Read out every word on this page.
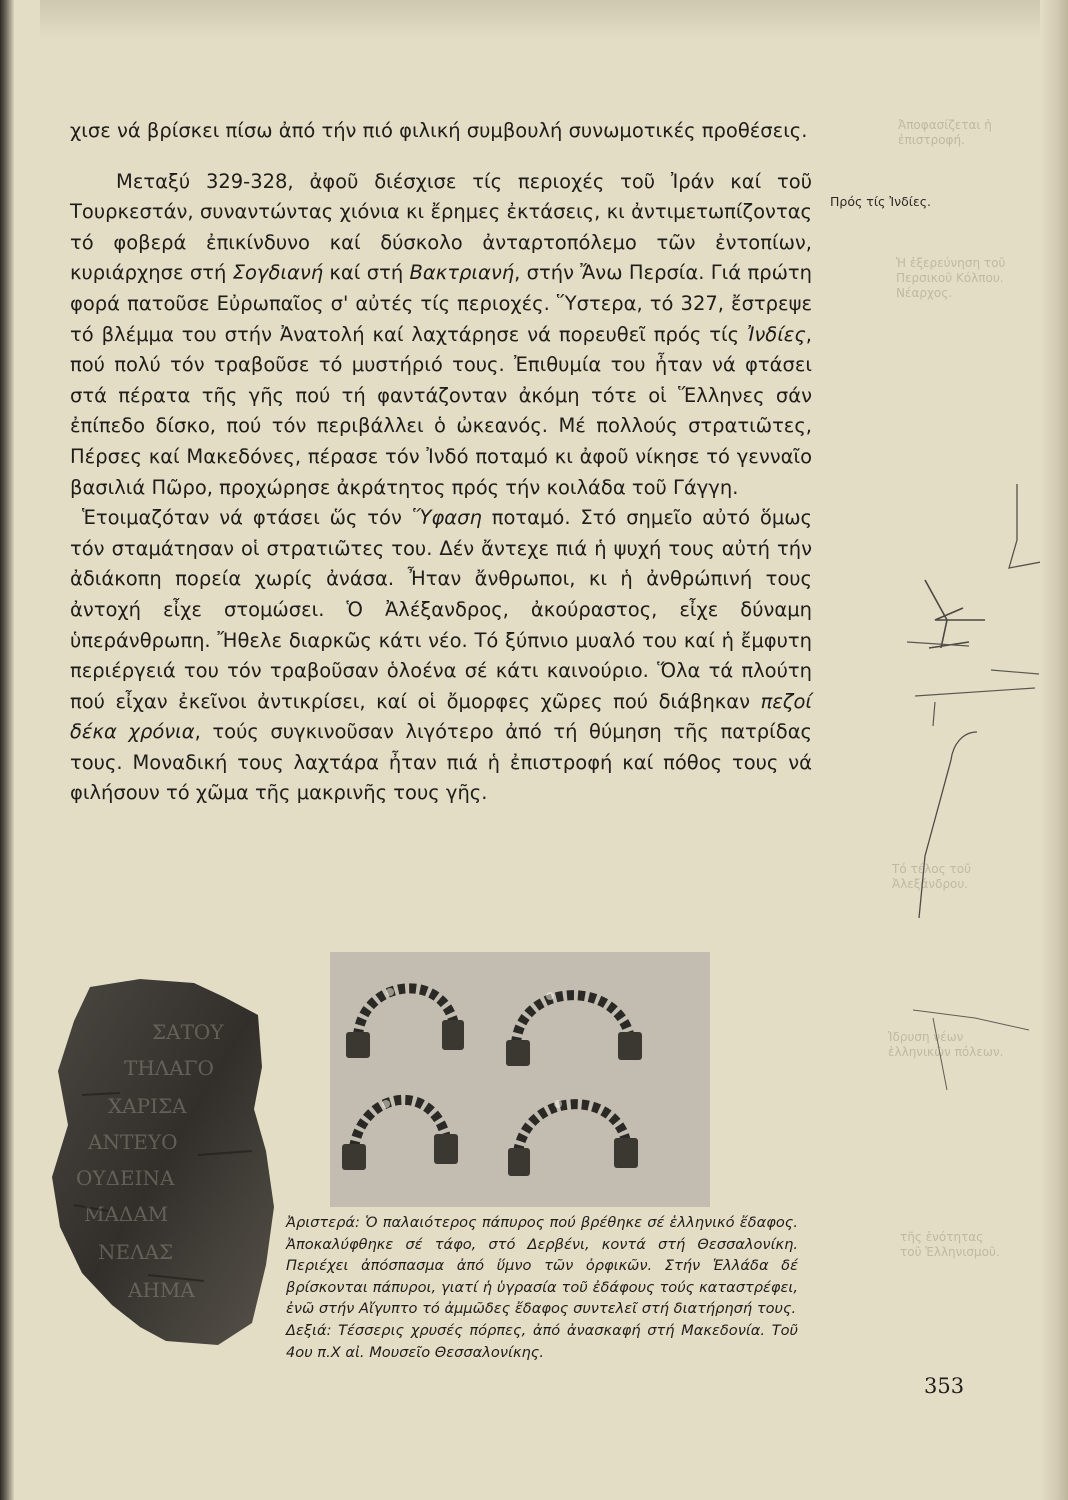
Ἀποφασίζεται ἡ
ἐπιστροφή.
Ἡ ἐξερεύνηση τοῦ
Περσικοῦ Κόλπου.
Νέαρχος.
Τό τέλος τοῦ
Ἀλεξάνδρου.
Ἱδρυση νέων
ἑλληνικῶν πόλεων.
τῆς ἑνότητας
τοῦ Ἑλληνισμοῦ.

χισε νά βρίσκει πίσω ἀπό τήν πιό φιλική συμβουλή συνωμοτικές προθέσεις.

Μεταξύ 329-328, ἀφοῦ διέσχισε τίς περιοχές τοῦ Ἰράν καί τοῦ Τουρκεστάν, συναντώντας χιόνια κι ἔρημες ἐκτάσεις, κι ἀντιμετωπίζοντας τό φοβερά ἐπικίνδυνο καί δύσκολο ἀνταρτοπόλεμο τῶν ἐντοπίων, κυριάρχησε στή Σογδιανή καί στή Βακτριανή, στήν Ἄνω Περσία. Γιά πρώτη φορά πατοῦσε Εὐρωπαῖος σ' αὐτές τίς περιοχές. Ὕστερα, τό 327, ἔστρεψε τό βλέμμα του στήν Ἀνατολή καί λαχτάρησε νά πορευθεῖ πρός τίς Ἰνδίες, πού πολύ τόν τραβοῦσε τό μυστήριό τους. Ἐπιθυμία του ἦταν νά φτάσει στά πέρατα τῆς γῆς πού τή φαντάζονταν ἀκόμη τότε οἱ Ἕλληνες σάν ἐπίπεδο δίσκο, πού τόν περιβάλλει ὁ ὠκεανός. Μέ πολλούς στρατιῶτες, Πέρσες καί Μακεδόνες, πέρασε τόν Ἰνδό ποταμό κι ἀφοῦ νίκησε τό γενναῖο βασιλιά Πῶρο, προχώρησε ἀκράτητος πρός τήν κοιλάδα τοῦ Γάγγη.

Ἑτοιμαζόταν νά φτάσει ὥς τόν Ὕφαση ποταμό. Στό σημεῖο αὐτό ὅμως τόν σταμάτησαν οἱ στρατιῶτες του. Δέν ἄντεχε πιά ἡ ψυχή τους αὐτή τήν ἀδιάκοπη πορεία χωρίς ἀνάσα. Ἦταν ἄνθρωποι, κι ἡ ἀνθρώπινή τους ἀντοχή εἶχε στομώσει. Ὁ Ἀλέξανδρος, ἀκούραστος, εἶχε δύναμη ὑπεράνθρωπη. Ἤθελε διαρκῶς κάτι νέο. Τό ξύπνιο μυαλό του καί ἡ ἔμφυτη περιέργειά του τόν τραβοῦσαν ὁλοένα σέ κάτι καινούριο. Ὅλα τά πλούτη πού εἶχαν ἐκεῖνοι ἀντικρίσει, καί οἱ ὄμορφες χῶρες πού διάβηκαν πεζοί δέκα χρόνια, τούς συγκινοῦσαν λιγότερο ἀπό τή θύμηση τῆς πατρίδας τους. Μοναδική τους λαχτάρα ἦταν πιά ἡ ἐπιστροφή καί πόθος τους νά φιλήσουν τό χῶμα τῆς μακρινῆς τους γῆς.

Πρός τίς Ἰνδίες.
ΣΑΤΟΥ
ΤΗΛΑΓΟ
ΧΑΡΙΣΑ
ΑΝΤΕΥΟ
ΟΥΔΕΙΝΑ
ΜΑΔΑΜ
ΝΕΛΑΣ
ΑΗΜΑ

Ἀριστερά: Ὁ παλαιότερος πάπυρος πού βρέθηκε σέ ἑλληνικό ἔδαφος. Ἀποκαλύφθηκε σέ τάφο, στό Δερβένι, κοντά στή Θεσσαλονίκη. Περιέχει ἀπόσπασμα ἀπό ὕμνο τῶν ὀρφικῶν. Στήν Ἑλλάδα δέ βρίσκονται πάπυροι, γιατί ἡ ὑγρασία τοῦ ἐδάφους τούς καταστρέφει, ἐνῶ στήν Αἴγυπτο τό ἀμμῶδες ἔδαφος συντελεῖ στή διατήρησή τους.

Δεξιά: Τέσσερις χρυσές πόρπες, ἀπό ἀνασκαφή στή Μακεδονία. Τοῦ 4ου π.Χ αἰ. Μουσεῖο Θεσσαλονίκης.

353
